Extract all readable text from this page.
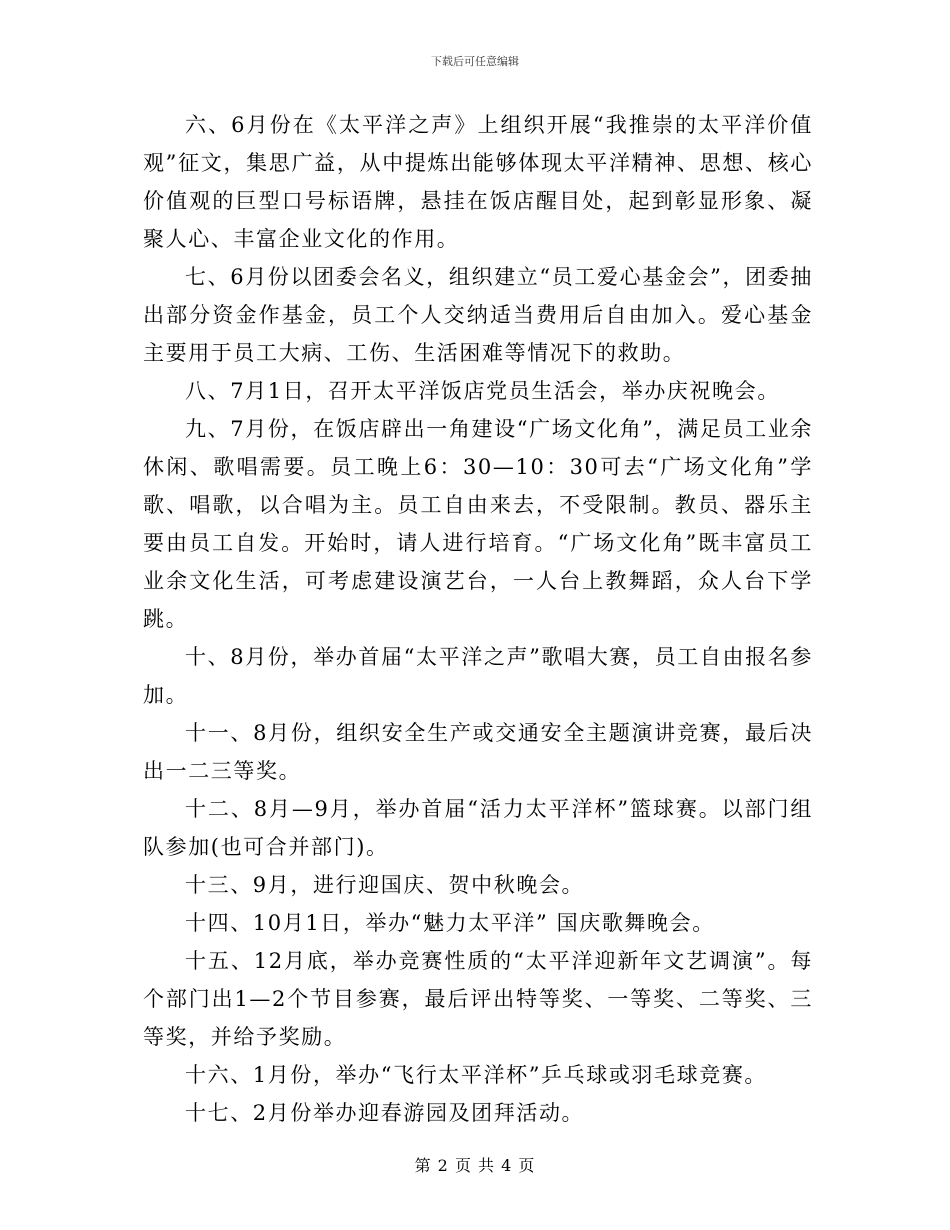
下载后可任意编辑

六、6月份在《太平洋之声》上组织开展“我推崇的太平洋价值观”征文，集思广益，从中提炼出能够体现太平洋精神、思想、核心价值观的巨型口号标语牌，悬挂在饭店醒目处，起到彰显形象、凝聚人心、丰富企业文化的作用。

七、6月份以团委会名义，组织建立“员工爱心基金会”，团委抽出部分资金作基金，员工个人交纳适当费用后自由加入。爱心基金主要用于员工大病、工伤、生活困难等情况下的救助。

八、7月1日，召开太平洋饭店党员生活会，举办庆祝晚会。

九、7月份，在饭店辟出一角建设“广场文化角”，满足员工业余休闲、歌唱需要。员工晚上6：30—10：30可去“广场文化角”学歌、唱歌，以合唱为主。员工自由来去，不受限制。教员、器乐主要由员工自发。开始时，请人进行培育。“广场文化角”既丰富员工业余文化生活，可考虑建设演艺台，一人台上教舞蹈，众人台下学跳。

十、8月份，举办首届“太平洋之声”歌唱大赛，员工自由报名参加。

十一、8月份，组织安全生产或交通安全主题演讲竞赛，最后决出一二三等奖。

十二、8月—9月，举办首届“活力太平洋杯”篮球赛。以部门组队参加(也可合并部门)。

十三、9月，进行迎国庆、贺中秋晚会。

十四、10月1日，举办“魅力太平洋” 国庆歌舞晚会。

十五、12月底，举办竞赛性质的“太平洋迎新年文艺调演”。每个部门出1—2个节目参赛，最后评出特等奖、一等奖、二等奖、三等奖，并给予奖励。

十六、1月份，举办“飞行太平洋杯”乒乓球或羽毛球竞赛。

十七、2月份举办迎春游园及团拜活动。

第 2 页 共 4 页
